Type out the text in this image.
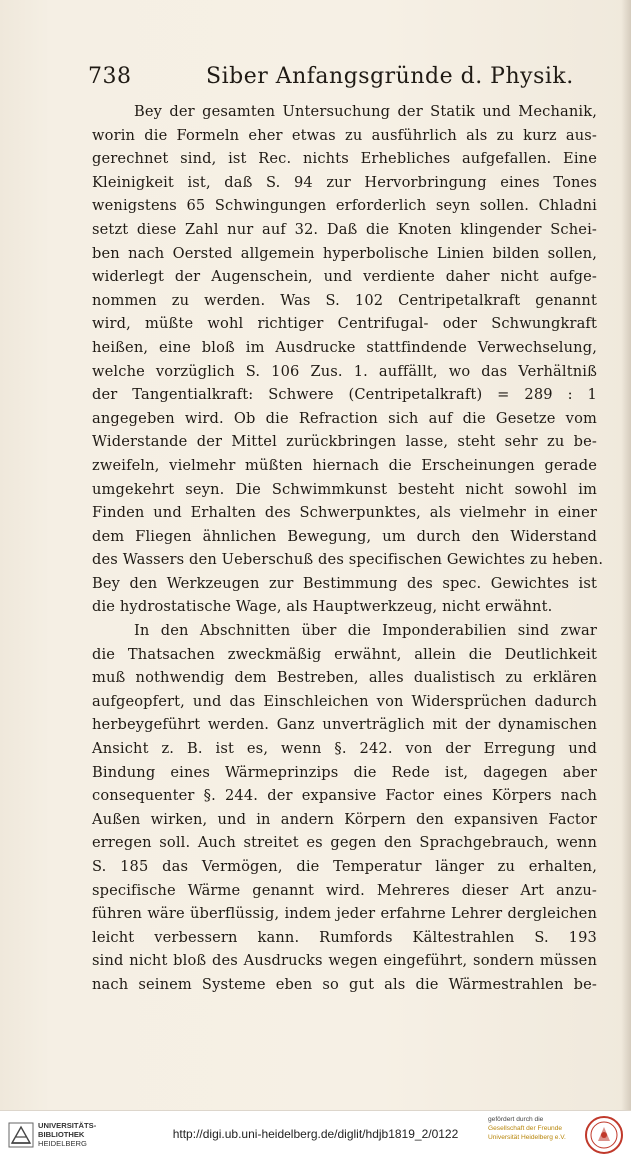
738	Siber Anfangsgründe d. Physik.
Bey der gesamten Untersuchung der Statik und Mechanik,
worin die Formeln eher etwas zu ausführlich als zu kurz aus-
gerechnet sind, ist Rec. nichts Erhebliches aufgefallen. Eine
Kleinigkeit ist, daß S. 94 zur Hervorbringung eines Tones
wenigstens 65 Schwingungen erforderlich seyn sollen. Chladni
setzt diese Zahl nur auf 32. Daß die Knoten klingender Schei-
ben nach Oersted allgemein hyperbolische Linien bilden sollen,
widerlegt der Augenschein, und verdiente daher nicht aufge-
nommen zu werden. Was S. 102 Centripetalkraft genannt
wird, müßte wohl richtiger Centrifugal- oder Schwungkraft
heißen, eine bloß im Ausdrucke stattfindende Verwechselung,
welche vorzüglich S. 106 Zus. 1. auffällt, wo das Verhältniß
der Tangentialkraft: Schwere (Centripetalkraft) = 289 : 1
angegeben wird. Ob die Refraction sich auf die Gesetze vom
Widerstande der Mittel zurückbringen lasse, steht sehr zu be-
zweifeln, vielmehr müßten hiernach die Erscheinungen gerade
umgekehrt seyn. Die Schwimmkunst besteht nicht sowohl im
Finden und Erhalten des Schwerpunktes, als vielmehr in einer
dem Fliegen ähnlichen Bewegung, um durch den Widerstand
des Wassers den Ueberschuß des specifischen Gewichtes zu heben.
Bey den Werkzeugen zur Bestimmung des spec. Gewichtes ist
die hydrostatische Wage, als Hauptwerkzeug, nicht erwähnt.
In den Abschnitten über die Imponderabilien sind zwar
die Thatsachen zweckmäßig erwähnt, allein die Deutlichkeit
muß nothwendig dem Bestreben, alles dualistisch zu erklären
aufgeopfert, und das Einschleichen von Widersprüchen dadurch
herbeygeführt werden. Ganz unverträglich mit der dynamischen
Ansicht z. B. ist es, wenn §. 242. von der Erregung und
Bindung eines Wärmeprinzips die Rede ist, dagegen aber
consequenter §. 244. der expansive Factor eines Körpers nach
Außen wirken, und in andern Körpern den expansiven Factor
erregen soll. Auch streitet es gegen den Sprachgebrauch, wenn
S. 185 das Vermögen, die Temperatur länger zu erhalten,
specifische Wärme genannt wird. Mehreres dieser Art anzu-
führen wäre überflüssig, indem jeder erfahrne Lehrer dergleichen
leicht verbessern kann. Rumfords Kältestrahlen S. 193
sind nicht bloß des Ausdrucks wegen eingeführt, sondern müssen
nach seinem Systeme eben so gut als die Wärmestrahlen be-
UNIVERSITÄTS-
BIBLIOTHEK
HEIDELBERG
http://digi.ub.uni-heidelberg.de/diglit/hdjb1819_2/0122
gefördert durch die
Gesellschaft der Freunde
Universität Heidelberg e.V.
